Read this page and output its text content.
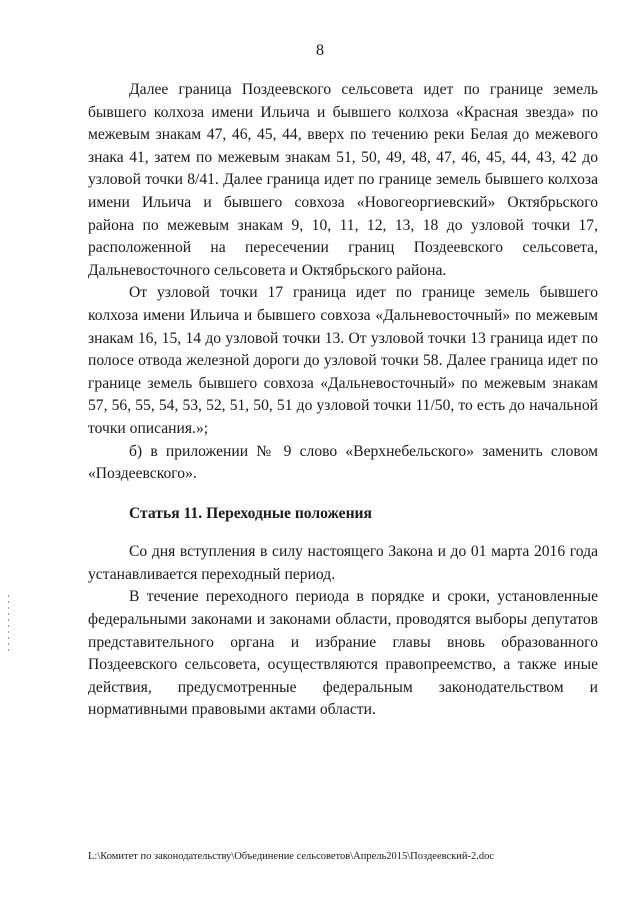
8

Далее граница Поздеевского сельсовета идет по границе земель бывшего колхоза имени Ильича и бывшего колхоза «Красная звезда» по межевым знакам 47, 46, 45, 44, вверх по течению реки Белая до межевого знака 41, затем по межевым знакам 51, 50, 49, 48, 47, 46, 45, 44, 43, 42 до узловой точки 8/41. Далее граница идет по границе земель бывшего колхоза имени Ильича и бывшего совхоза «Новогеоргиевский» Октябрьского района по межевым знакам 9, 10, 11, 12, 13, 18 до узловой точки 17, расположенной на пересечении границ Поздеевского сельсовета, Дальневосточного сельсовета и Октябрьского района.

От узловой точки 17 граница идет по границе земель бывшего колхоза имени Ильича и бывшего совхоза «Дальневосточный» по межевым знакам 16, 15, 14 до узловой точки 13. От узловой точки 13 граница идет по полосе отвода железной дороги до узловой точки 58. Далее граница идет по границе земель бывшего совхоза «Дальневосточный» по межевым знакам 57, 56, 55, 54, 53, 52, 51, 50, 51 до узловой точки 11/50, то есть до начальной точки описания.»;

б) в приложении № 9 слово «Верхнебельского» заменить словом «Поздеевского».

Статья 11. Переходные положения

Со дня вступления в силу настоящего Закона и до 01 марта 2016 года устанавливается переходный период.

В течение переходного периода в порядке и сроки, установленные федеральными законами и законами области, проводятся выборы депутатов представительного органа и избрание главы вновь образованного Поздеевского сельсовета, осуществляются правопреемство, а также иные действия, предусмотренные федеральным законодательством и нормативными правовыми актами области.

L:\Комитет по законодательству\Объединение сельсоветов\Апрель2015\Поздеевский-2.doc
